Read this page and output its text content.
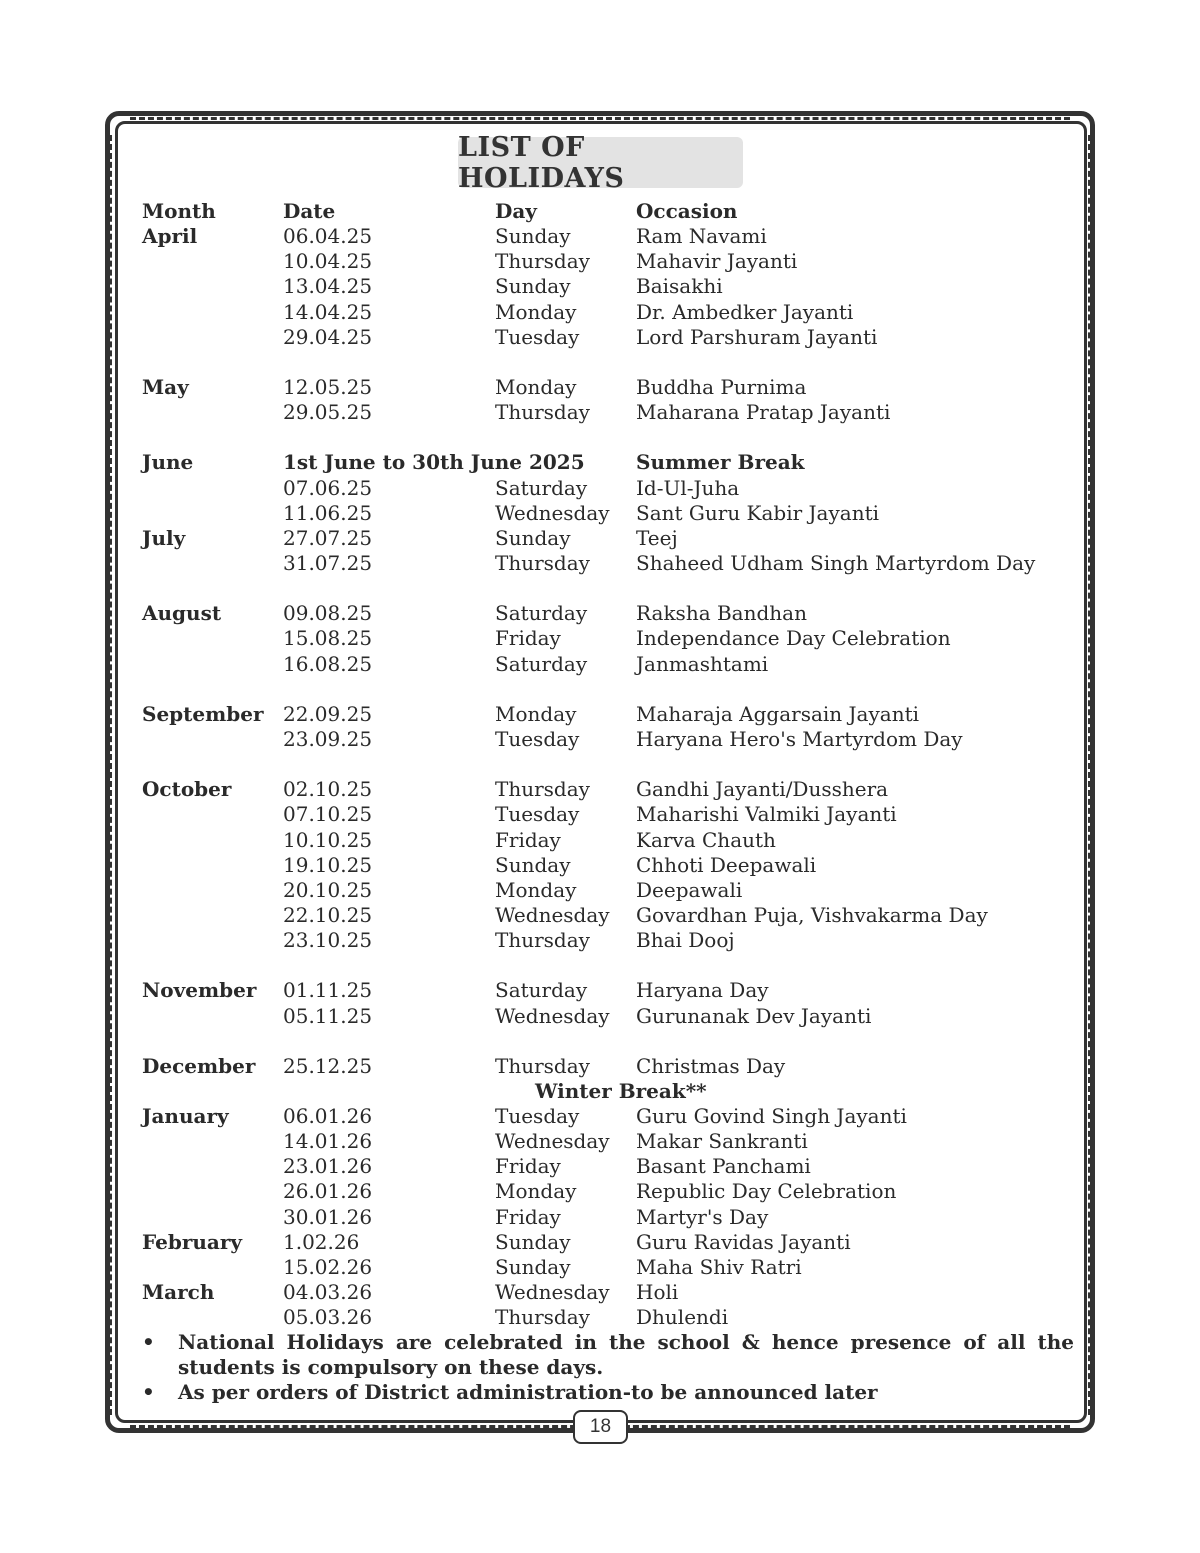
LIST OF HOLIDAYS
Month	Date	Day	Occasion
April	06.04.25	Sunday	Ram Navami
10.04.25	Thursday Mahavir Jayanti
13.04.25	Sunday	Baisakhi
14.04.25	Monday	Dr. Ambedker Jayanti
29.04.25	Tuesday	Lord Parshuram Jayanti
May	12.05.25	Monday	Buddha Purnima
29.05.25	Thursday Maharana Pratap Jayanti
June	1st June to 30th June 2025	Summer Break
07.06.25	Saturday Id-Ul-Juha
11.06.25	Wednesday Sant Guru Kabir Jayanti
July	27.07.25	Sunday	Teej
31.07.25	Thursday Shaheed Udham Singh Martyrdom Day
August	09.08.25	Saturday Raksha Bandhan
15.08.25	Friday	Independance Day Celebration
16.08.25	Saturday Janmashtami
September 22.09.25	Monday	Maharaja Aggarsain Jayanti
23.09.25	Tuesday	Haryana Hero's Martyrdom Day
October	02.10.25	Thursday Gandhi Jayanti/Dusshera
07.10.25	Tuesday	Maharishi Valmiki Jayanti
10.10.25	Friday	Karva Chauth
19.10.25	Sunday	Chhoti Deepawali
20.10.25	Monday	Deepawali
22.10.25	Wednesday Govardhan Puja, Vishvakarma Day
23.10.25	Thursday Bhai Dooj
November 01.11.25	Saturday Haryana Day
05.11.25	Wednesday Gurunanak Dev Jayanti
December 25.12.25	Thursday Christmas Day
Winter Break**
January	06.01.26	Tuesday	Guru Govind Singh Jayanti
14.01.26	Wednesday Makar Sankranti
23.01.26	Friday	Basant Panchami
26.01.26	Monday	Republic Day Celebration
30.01.26	Friday	Martyr's Day
February 1.02.26	Sunday	Guru Ravidas Jayanti
15.02.26	Sunday	Maha Shiv Ratri
March	04.03.26	Wednesday Holi
05.03.26	Thursday Dhulendi
• National Holidays are celebrated in the school & hence presence of all the students is compulsory on these days.
• As per orders of District administration-to be announced later
18
